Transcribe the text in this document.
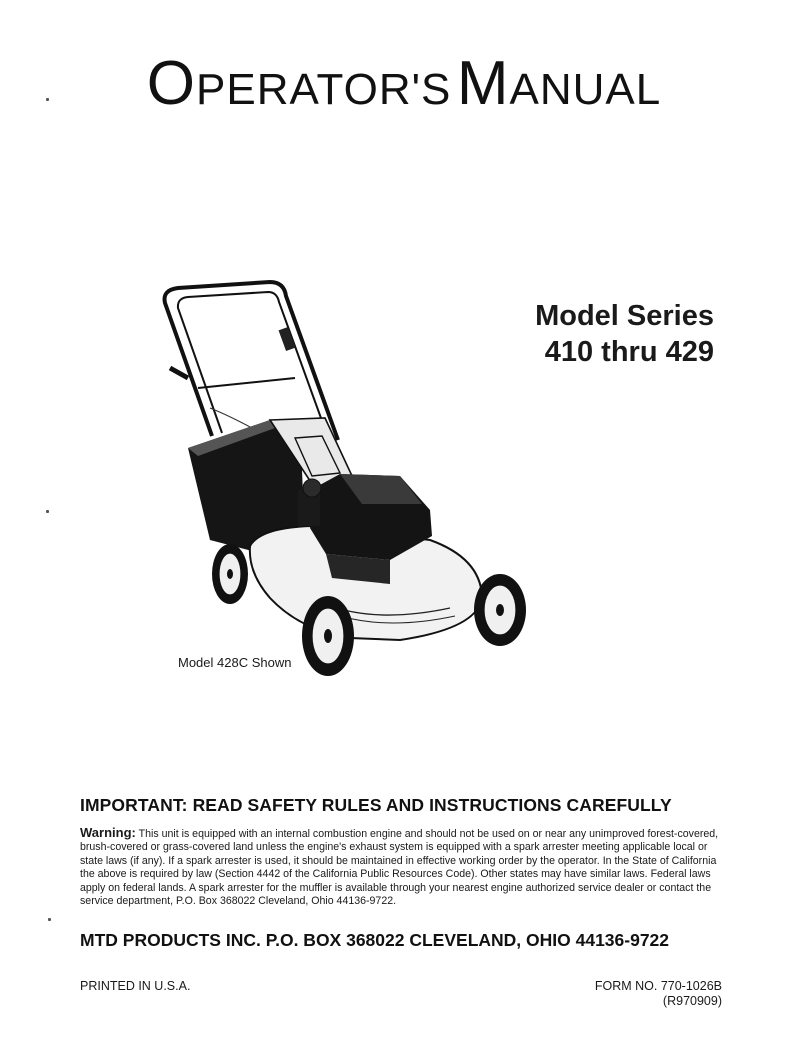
OPERATOR'S MANUAL
Model Series
410 thru 429
Model 428C Shown
IMPORTANT: READ SAFETY RULES AND INSTRUCTIONS CAREFULLY
Warning: This unit is equipped with an internal combustion engine and should not be used on or near any unimproved forest-covered, brush-covered or grass-covered land unless the engine's exhaust system is equipped with a spark arrester meeting applicable local or state laws (if any). If a spark arrester is used, it should be maintained in effective working order by the operator. In the State of California the above is required by law (Section 4442 of the California Public Resources Code). Other states may have similar laws. Federal laws apply on federal lands. A spark arrester for the muffler is available through your nearest engine authorized service dealer or contact the service department, P.O. Box 368022 Cleveland, Ohio 44136-9722.
MTD PRODUCTS INC. P.O. BOX 368022 CLEVELAND, OHIO 44136-9722
PRINTED IN U.S.A.	FORM NO. 770-1026B
(R970909)
